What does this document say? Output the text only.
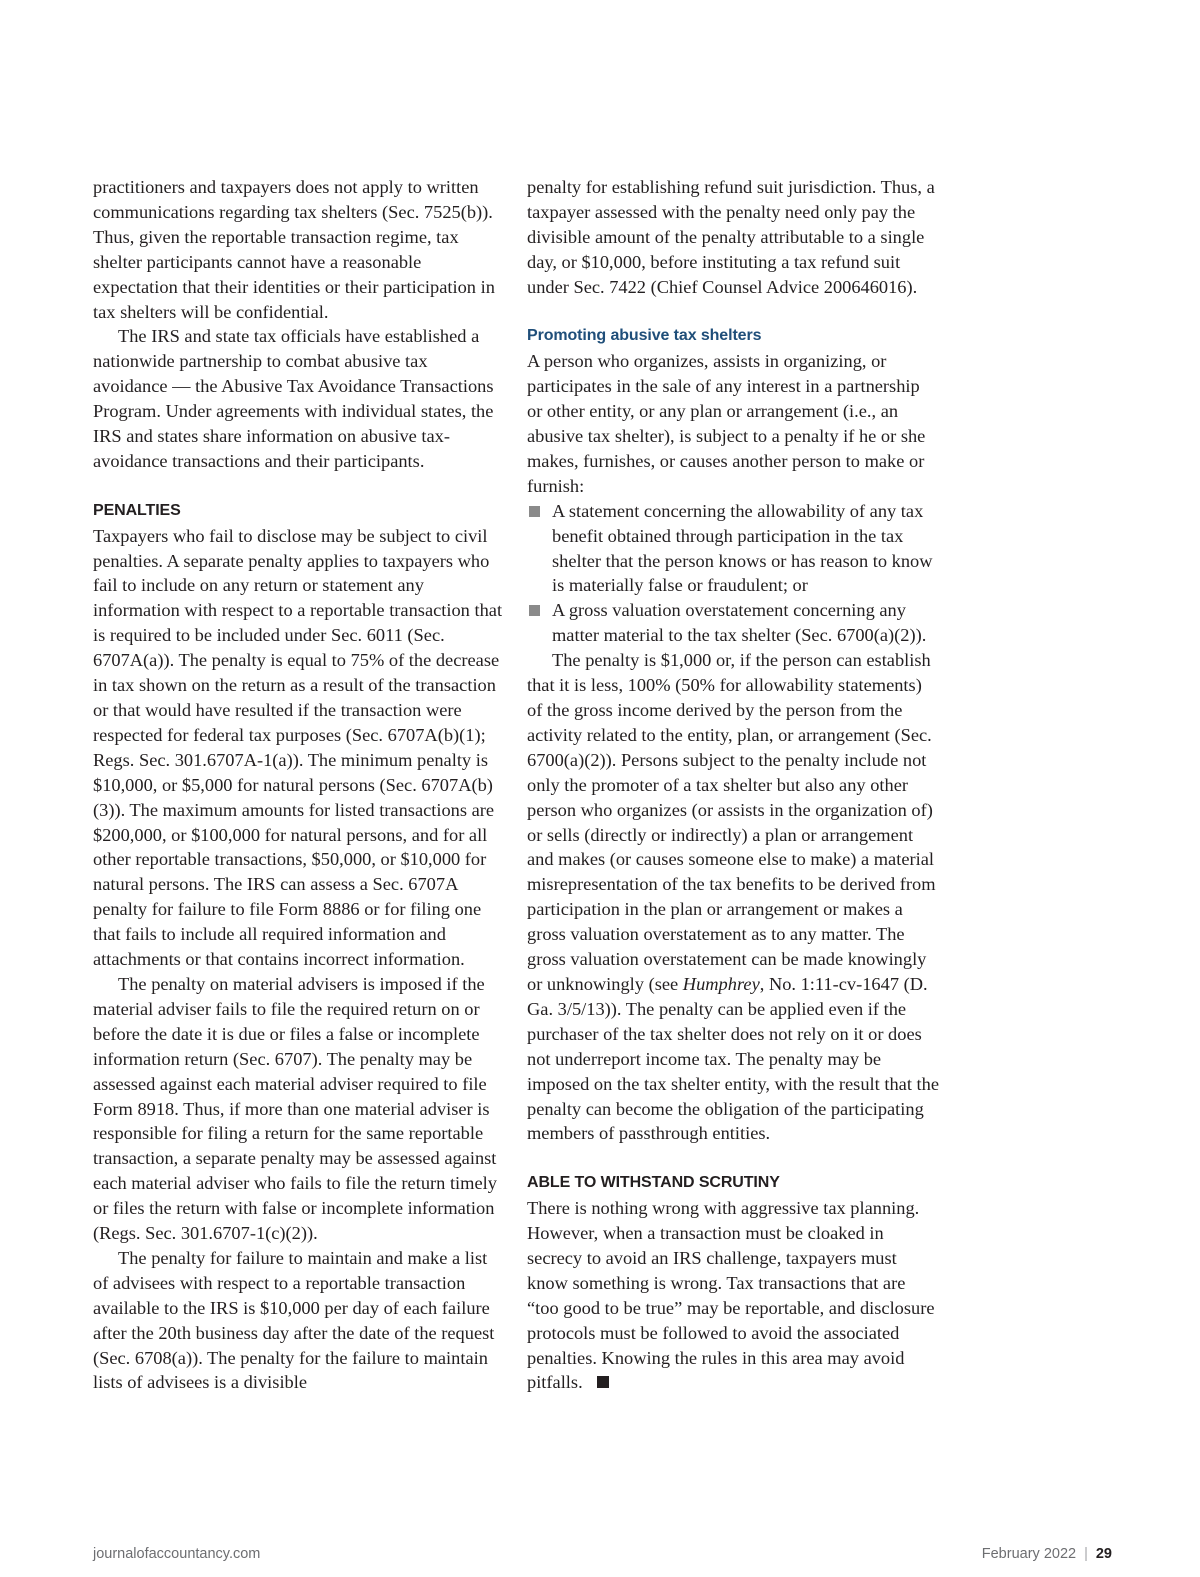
practitioners and taxpayers does not apply to written communications regarding tax shelters (Sec. 7525(b)). Thus, given the reportable transaction regime, tax shelter participants cannot have a reasonable expectation that their identities or their participation in tax shelters will be confidential.

The IRS and state tax officials have established a nationwide partnership to combat abusive tax avoidance — the Abusive Tax Avoidance Transactions Program. Under agreements with individual states, the IRS and states share information on abusive tax-avoidance transactions and their participants.

PENALTIES

Taxpayers who fail to disclose may be subject to civil penalties. A separate penalty applies to taxpayers who fail to include on any return or statement any information with respect to a reportable transaction that is required to be included under Sec. 6011 (Sec. 6707A(a)). The penalty is equal to 75% of the decrease in tax shown on the return as a result of the transaction or that would have resulted if the transaction were respected for federal tax purposes (Sec. 6707A(b)(1); Regs. Sec. 301.6707A-1(a)). The minimum penalty is $10,000, or $5,000 for natural persons (Sec. 6707A(b)(3)). The maximum amounts for listed transactions are $200,000, or $100,000 for natural persons, and for all other reportable transactions, $50,000, or $10,000 for natural persons. The IRS can assess a Sec. 6707A penalty for failure to file Form 8886 or for filing one that fails to include all required information and attachments or that contains incorrect information.

The penalty on material advisers is imposed if the material adviser fails to file the required return on or before the date it is due or files a false or incomplete information return (Sec. 6707). The penalty may be assessed against each material adviser required to file Form 8918. Thus, if more than one material adviser is responsible for filing a return for the same reportable transaction, a separate penalty may be assessed against each material adviser who fails to file the return timely or files the return with false or incomplete information (Regs. Sec. 301.6707-1(c)(2)).

The penalty for failure to maintain and make a list of advisees with respect to a reportable transaction available to the IRS is $10,000 per day of each failure after the 20th business day after the date of the request (Sec. 6708(a)). The penalty for the failure to maintain lists of advisees is a divisible

penalty for establishing refund suit jurisdiction. Thus, a taxpayer assessed with the penalty need only pay the divisible amount of the penalty attributable to a single day, or $10,000, before instituting a tax refund suit under Sec. 7422 (Chief Counsel Advice 200646016).

Promoting abusive tax shelters

A person who organizes, assists in organizing, or participates in the sale of any interest in a partnership or other entity, or any plan or arrangement (i.e., an abusive tax shelter), is subject to a penalty if he or she makes, furnishes, or causes another person to make or furnish:

A statement concerning the allowability of any tax benefit obtained through participation in the tax shelter that the person knows or has reason to know is materially false or fraudulent; or
A gross valuation overstatement concerning any matter material to the tax shelter (Sec. 6700(a)(2)).

The penalty is $1,000 or, if the person can establish that it is less, 100% (50% for allowability statements) of the gross income derived by the person from the activity related to the entity, plan, or arrangement (Sec. 6700(a)(2)). Persons subject to the penalty include not only the promoter of a tax shelter but also any other person who organizes (or assists in the organization of) or sells (directly or indirectly) a plan or arrangement and makes (or causes someone else to make) a material misrepresentation of the tax benefits to be derived from participation in the plan or arrangement or makes a gross valuation overstatement as to any matter. The gross valuation overstatement can be made knowingly or unknowingly (see Humphrey, No. 1:11-cv-1647 (D. Ga. 3/5/13)). The penalty can be applied even if the purchaser of the tax shelter does not rely on it or does not underreport income tax. The penalty may be imposed on the tax shelter entity, with the result that the penalty can become the obligation of the participating members of passthrough entities.

ABLE TO WITHSTAND SCRUTINY

There is nothing wrong with aggressive tax planning. However, when a transaction must be cloaked in secrecy to avoid an IRS challenge, taxpayers must know something is wrong. Tax transactions that are “too good to be true” may be reportable, and disclosure protocols must be followed to avoid the associated penalties. Knowing the rules in this area may avoid pitfalls.

journalofaccountancy.com	February 2022 | 29
